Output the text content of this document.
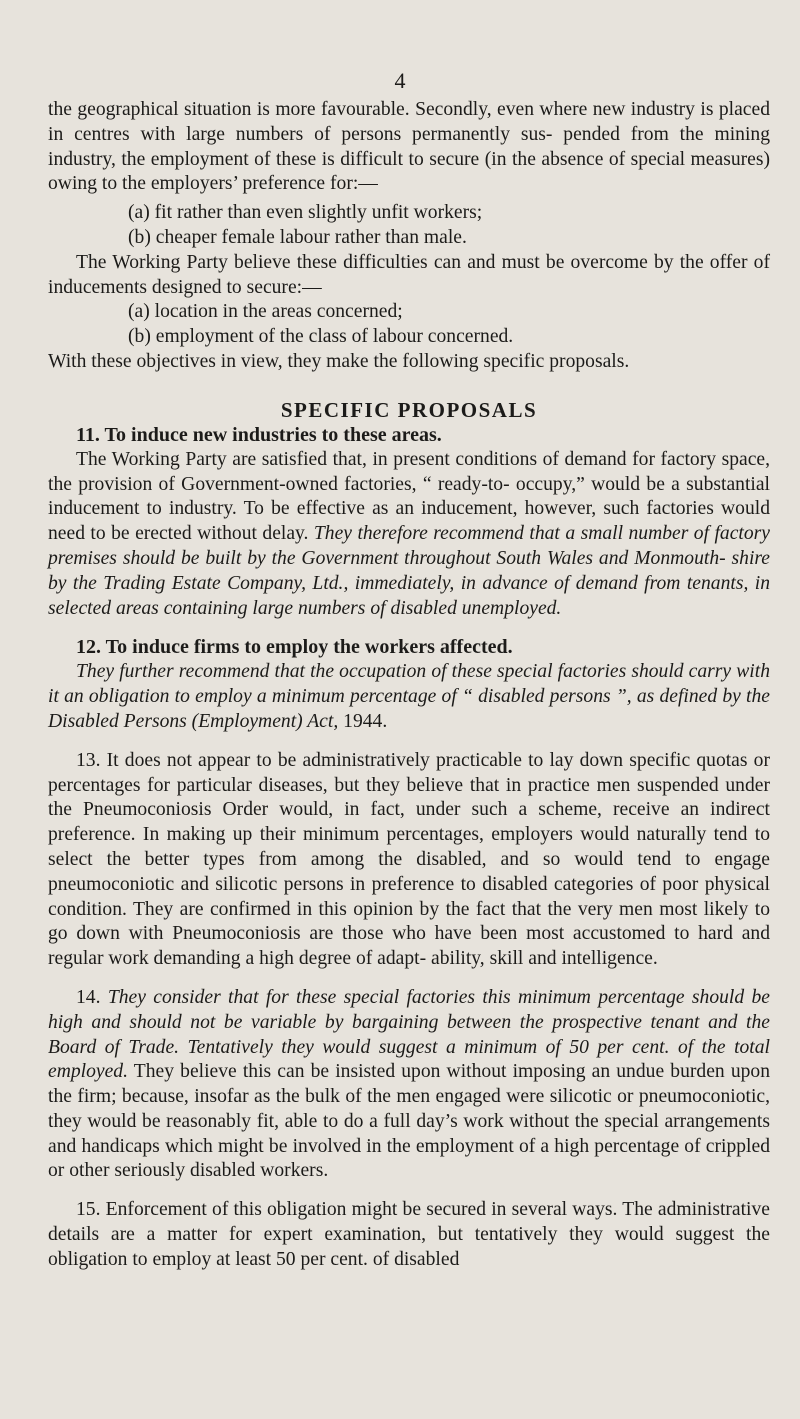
4

the geographical situation is more favourable. Secondly, even where new industry is placed in centres with large numbers of persons permanently sus- pended from the mining industry, the employment of these is difficult to secure (in the absence of special measures) owing to the employers’ preference for:—

(a) fit rather than even slightly unfit workers;

(b) cheaper female labour rather than male.

The Working Party believe these difficulties can and must be overcome by the offer of inducements designed to secure:—

(a) location in the areas concerned;

(b) employment of the class of labour concerned.

With these objectives in view, they make the following specific proposals.

SPECIFIC PROPOSALS
11. To induce new industries to these areas.

The Working Party are satisfied that, in present conditions of demand for factory space, the provision of Government-owned factories, “ ready-to- occupy,” would be a substantial inducement to industry. To be effective as an inducement, however, such factories would need to be erected without delay. They therefore recommend that a small number of factory premises should be built by the Government throughout South Wales and Monmouth- shire by the Trading Estate Company, Ltd., immediately, in advance of demand from tenants, in selected areas containing large numbers of disabled unemployed.

12. To induce firms to employ the workers affected.

They further recommend that the occupation of these special factories should carry with it an obligation to employ a minimum percentage of “ disabled persons ”, as defined by the Disabled Persons (Employment) Act, 1944.

13. It does not appear to be administratively practicable to lay down specific quotas or percentages for particular diseases, but they believe that in practice men suspended under the Pneumoconiosis Order would, in fact, under such a scheme, receive an indirect preference. In making up their minimum percentages, employers would naturally tend to select the better types from among the disabled, and so would tend to engage pneumoconiotic and silicotic persons in preference to disabled categories of poor physical condition. They are confirmed in this opinion by the fact that the very men most likely to go down with Pneumoconiosis are those who have been most accustomed to hard and regular work demanding a high degree of adapt- ability, skill and intelligence.

14. They consider that for these special factories this minimum percentage should be high and should not be variable by bargaining between the prospective tenant and the Board of Trade. Tentatively they would suggest a minimum of 50 per cent. of the total employed. They believe this can be insisted upon without imposing an undue burden upon the firm; because, insofar as the bulk of the men engaged were silicotic or pneumoconiotic, they would be reasonably fit, able to do a full day’s work without the special arrangements and handicaps which might be involved in the employment of a high percentage of crippled or other seriously disabled workers.

15. Enforcement of this obligation might be secured in several ways. The administrative details are a matter for expert examination, but tentatively they would suggest the obligation to employ at least 50 per cent. of disabled
